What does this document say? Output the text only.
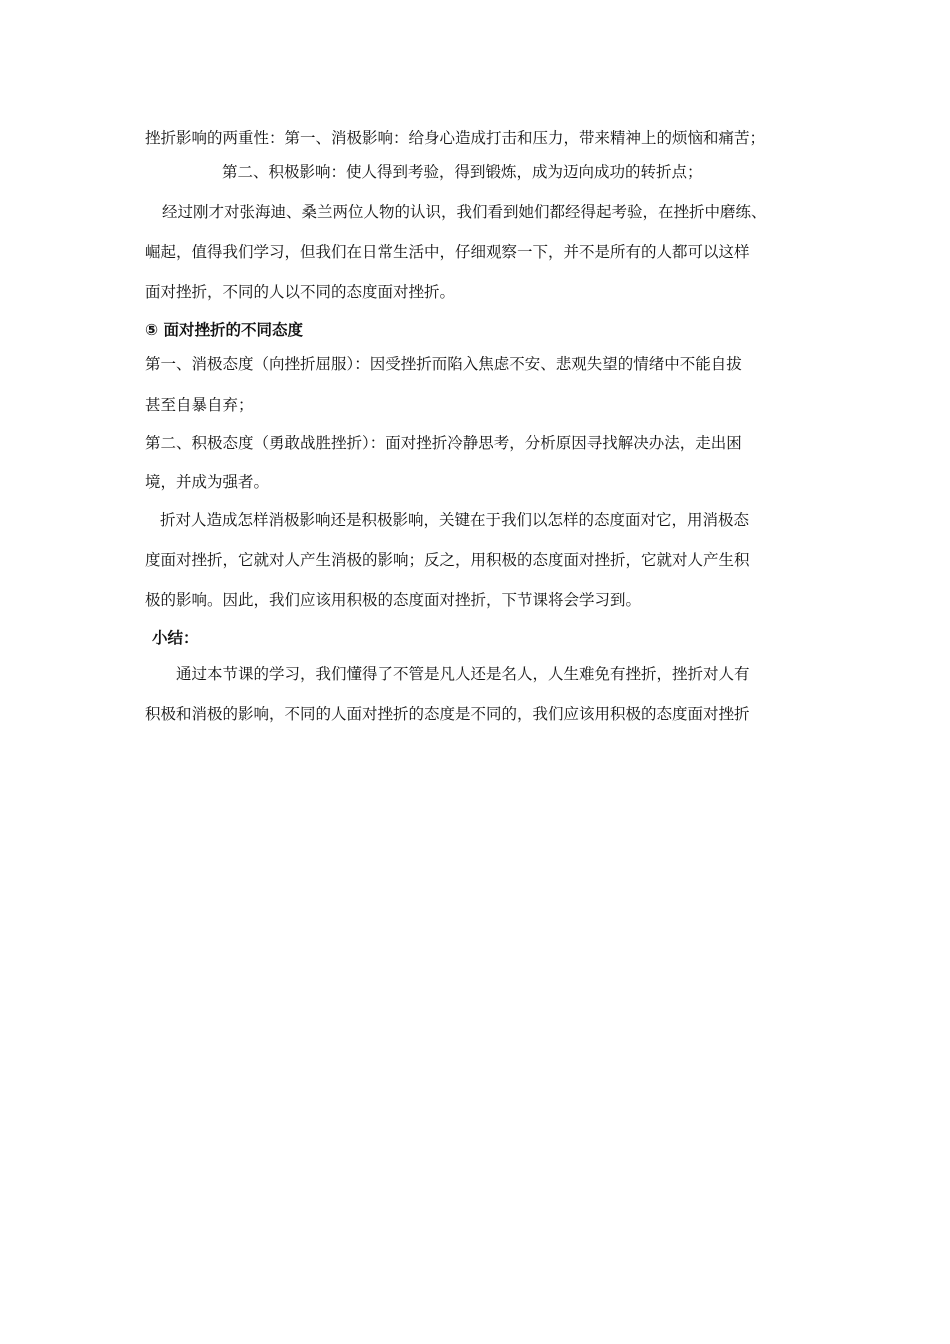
挫折影响的两重性：第一、消极影响：给身心造成打击和压力，带来精神上的烦恼和痛苦；
第二、积极影响：使人得到考验，得到锻炼，成为迈向成功的转折点；
经过刚才对张海迪、桑兰两位人物的认识，我们看到她们都经得起考验，在挫折中磨练、
崛起，值得我们学习，但我们在日常生活中，仔细观察一下，并不是所有的人都可以这样
面对挫折，不同的人以不同的态度面对挫折。
⑤ 面对挫折的不同态度
第一、消极态度（向挫折屈服）：因受挫折而陷入焦虑不安、悲观失望的情绪中不能自拔
甚至自暴自弃；
第二、积极态度（勇敢战胜挫折）：面对挫折冷静思考，分析原因寻找解决办法，走出困
境，并成为强者。
折对人造成怎样消极影响还是积极影响，关键在于我们以怎样的态度面对它，用消极态
度面对挫折，它就对人产生消极的影响；反之，用积极的态度面对挫折，它就对人产生积
极的影响。因此，我们应该用积极的态度面对挫折，下节课将会学习到。
小结：
通过本节课的学习，我们懂得了不管是凡人还是名人，人生难免有挫折，挫折对人有
积极和消极的影响，不同的人面对挫折的态度是不同的，我们应该用积极的态度面对挫折
